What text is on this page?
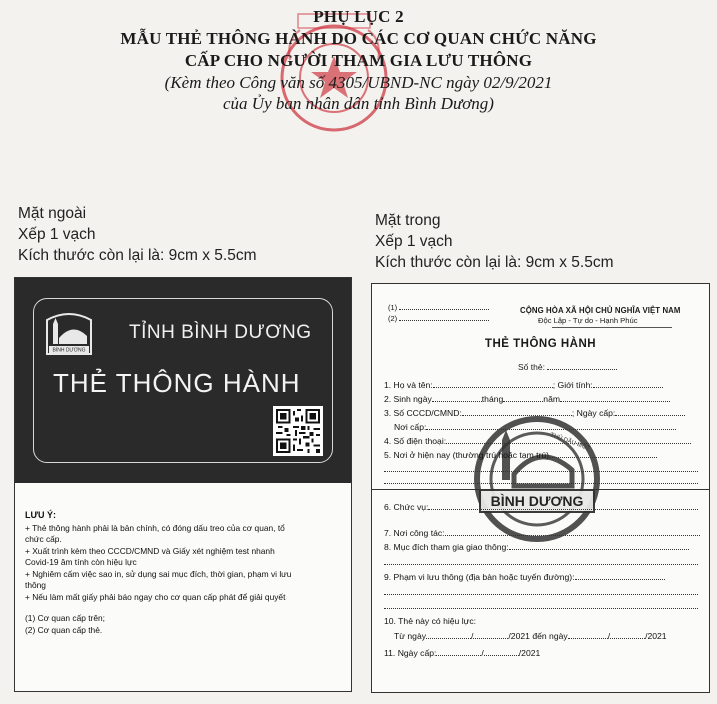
PHỤ LỤC 2
MẪU THẺ THÔNG HÀNH DO CÁC CƠ QUAN CHỨC NĂNG
CẤP CHO NGƯỜI THAM GIA LƯU THÔNG
(Kèm theo Công văn số 4305/UBND-NC ngày 02/9/2021
của Ủy ban nhân dân tỉnh Bình Dương)
Mặt ngoài
Xếp 1 vạch
Kích thước còn lại là: 9cm x 5.5cm
Mặt trong
Xếp 1 vạch
Kích thước còn lại là: 9cm x 5.5cm
BÌNH DƯƠNG
TỈNH BÌNH DƯƠNG
THẺ THÔNG HÀNH
LƯU Ý:
+ Thẻ thông hành phải là bản chính, có đóng dấu treo của cơ quan, tổ
chức cấp.
+ Xuất trình kèm theo CCCD/CMND và Giấy xét nghiệm test nhanh
Covid-19 âm tính còn hiệu lực
+ Nghiêm cấm việc sao in, sử dụng sai mục đích, thời gian, phạm vi lưu
thông
+ Nếu làm mất giấy phải báo ngay cho cơ quan cấp phát để giải quyết
(1) Cơ quan cấp trên;
(2) Cơ quan cấp thẻ.
(1)
(2)
CỘNG HÒA XÃ HỘI CHỦ NGHĨA VIỆT NAM
Độc Lập - Tự do - Hạnh Phúc
THẺ THÔNG HÀNH
Số thẻ:
BÌNH DƯƠNG
THỦ DẦU MỘT
1. Họ và tên:	; Giới tính:
2. Sinh ngày	tháng	năm
3. Số CCCD/CMND:	; Ngày cấp:
Nơi cấp:
4. Số điện thoại:
5. Nơi ở hiện nay (thường trú hoặc tạm trú)
6. Chức vụ:
7. Nơi công tác:
8. Mục đích tham gia giao thông:
9. Phạm vi lưu thông (địa bàn hoặc tuyến đường):
10. Thẻ này có hiệu lực:
Từ ngày	/	/2021 đến ngày	/	/2021
11. Ngày cấp:	/	/2021
